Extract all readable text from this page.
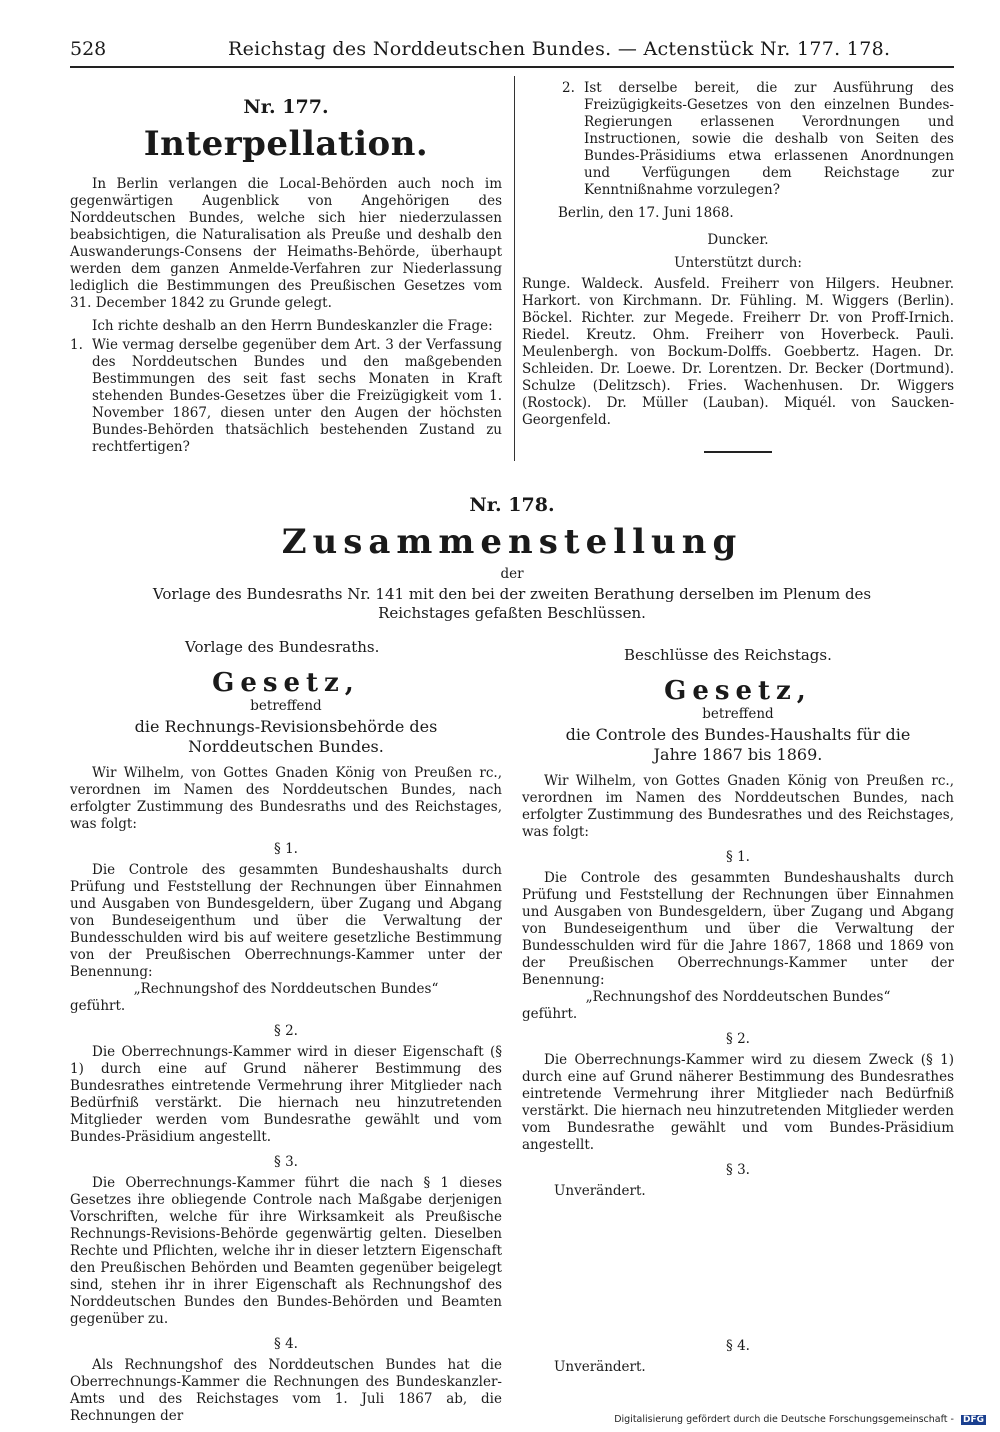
528	Reichstag des Norddeutschen Bundes. — Actenstück Nr. 177. 178.
Nr. 177.
Interpellation.

In Berlin verlangen die Local-Behörden auch noch im gegenwärtigen Augenblick von Angehörigen des Norddeutschen Bundes, welche sich hier niederzulassen beabsichtigen, die Naturalisation als Preuße und deshalb den Auswanderungs-Consens der Heimaths-Behörde, überhaupt werden dem ganzen Anmelde-Verfahren zur Niederlassung lediglich die Bestimmungen des Preußischen Gesetzes vom 31. December 1842 zu Grunde gelegt.

Ich richte deshalb an den Herrn Bundeskanzler die Frage:

1. Wie vermag derselbe gegenüber dem Art. 3 der Verfassung des Norddeutschen Bundes und den maßgebenden Bestimmungen des seit fast sechs Monaten in Kraft stehenden Bundes-Gesetzes über die Freizügigkeit vom 1. November 1867, diesen unter den Augen der höchsten Bundes-Behörden thatsächlich bestehenden Zustand zu rechtfertigen?
2. Ist derselbe bereit, die zur Ausführung des Freizügigkeits-Gesetzes von den einzelnen Bundes-Regierungen erlassenen Verordnungen und Instructionen, sowie die deshalb von Seiten des Bundes-Präsidiums etwa erlassenen Anordnungen und Verfügungen dem Reichstage zur Kenntnißnahme vorzulegen?

Berlin, den 17. Juni 1868.

Duncker.
Unterstützt durch:

Runge. Waldeck. Ausfeld. Freiherr von Hilgers. Heubner. Harkort. von Kirchmann. Dr. Fühling. M. Wiggers (Berlin). Böckel. Richter. zur Megede. Freiherr Dr. von Proff-Irnich. Riedel. Kreutz. Ohm. Freiherr von Hoverbeck. Pauli. Meulenbergh. von Bockum-Dolffs. Goebbertz. Hagen. Dr. Schleiden. Dr. Loewe. Dr. Lorentzen. Dr. Becker (Dortmund). Schulze (Delitzsch). Fries. Wachenhusen. Dr. Wiggers (Rostock). Dr. Müller (Lauban). Miquél. von Saucken-Georgenfeld.

Nr. 178.
Zusammenstellung
der
Vorlage des Bundesraths Nr. 141 mit den bei der zweiten Berathung derselben im Plenum des Reichstages gefaßten Beschlüssen.
Vorlage des Bundesraths.
Gesetz,
betreffend
die Rechnungs-Revisionsbehörde des Norddeutschen Bundes.

Wir Wilhelm, von Gottes Gnaden König von Preußen rc., verordnen im Namen des Norddeutschen Bundes, nach erfolgter Zustimmung des Bundesraths und des Reichstages, was folgt:

§ 1.

Die Controle des gesammten Bundeshaushalts durch Prüfung und Feststellung der Rechnungen über Einnahmen und Ausgaben von Bundesgeldern, über Zugang und Abgang von Bundeseigenthum und über die Verwaltung der Bundesschulden wird bis auf weitere gesetzliche Bestimmung von der Preußischen Oberrechnungs-Kammer unter der Benennung:

„Rechnungshof des Norddeutschen Bundes“

geführt.

§ 2.

Die Oberrechnungs-Kammer wird in dieser Eigenschaft (§ 1) durch eine auf Grund näherer Bestimmung des Bundesrathes eintretende Vermehrung ihrer Mitglieder nach Bedürfniß verstärkt. Die hiernach neu hinzutretenden Mitglieder werden vom Bundesrathe gewählt und vom Bundes-Präsidium angestellt.

§ 3.

Die Oberrechnungs-Kammer führt die nach § 1 dieses Gesetzes ihre obliegende Controle nach Maßgabe derjenigen Vorschriften, welche für ihre Wirksamkeit als Preußische Rechnungs-Revisions-Behörde gegenwärtig gelten. Dieselben Rechte und Pflichten, welche ihr in dieser letztern Eigenschaft den Preußischen Behörden und Beamten gegenüber beigelegt sind, stehen ihr in ihrer Eigenschaft als Rechnungshof des Norddeutschen Bundes den Bundes-Behörden und Beamten gegenüber zu.

§ 4.

Als Rechnungshof des Norddeutschen Bundes hat die Oberrechnungs-Kammer die Rechnungen des Bundeskanzler-Amts und des Reichstages vom 1. Juli 1867 ab, die Rechnungen der

Beschlüsse des Reichstags.
Gesetz,
betreffend
die Controle des Bundes-Haushalts für die Jahre 1867 bis 1869.

Wir Wilhelm, von Gottes Gnaden König von Preußen rc., verordnen im Namen des Norddeutschen Bundes, nach erfolgter Zustimmung des Bundesrathes und des Reichstages, was folgt:

§ 1.

Die Controle des gesammten Bundeshaushalts durch Prüfung und Feststellung der Rechnungen über Einnahmen und Ausgaben von Bundesgeldern, über Zugang und Abgang von Bundeseigenthum und über die Verwaltung der Bundesschulden wird für die Jahre 1867, 1868 und 1869 von der Preußischen Oberrechnungs-Kammer unter der Benennung:

„Rechnungshof des Norddeutschen Bundes“

geführt.

§ 2.

Die Oberrechnungs-Kammer wird zu diesem Zweck (§ 1) durch eine auf Grund näherer Bestimmung des Bundesrathes eintretende Vermehrung ihrer Mitglieder nach Bedürfniß verstärkt. Die hiernach neu hinzutretenden Mitglieder werden vom Bundesrathe gewählt und vom Bundes-Präsidium angestellt.

§ 3.

Unverändert.

§ 4.

Unverändert.

Digitalisierung gefördert durch die Deutsche Forschungsgemeinschaft - DFG
